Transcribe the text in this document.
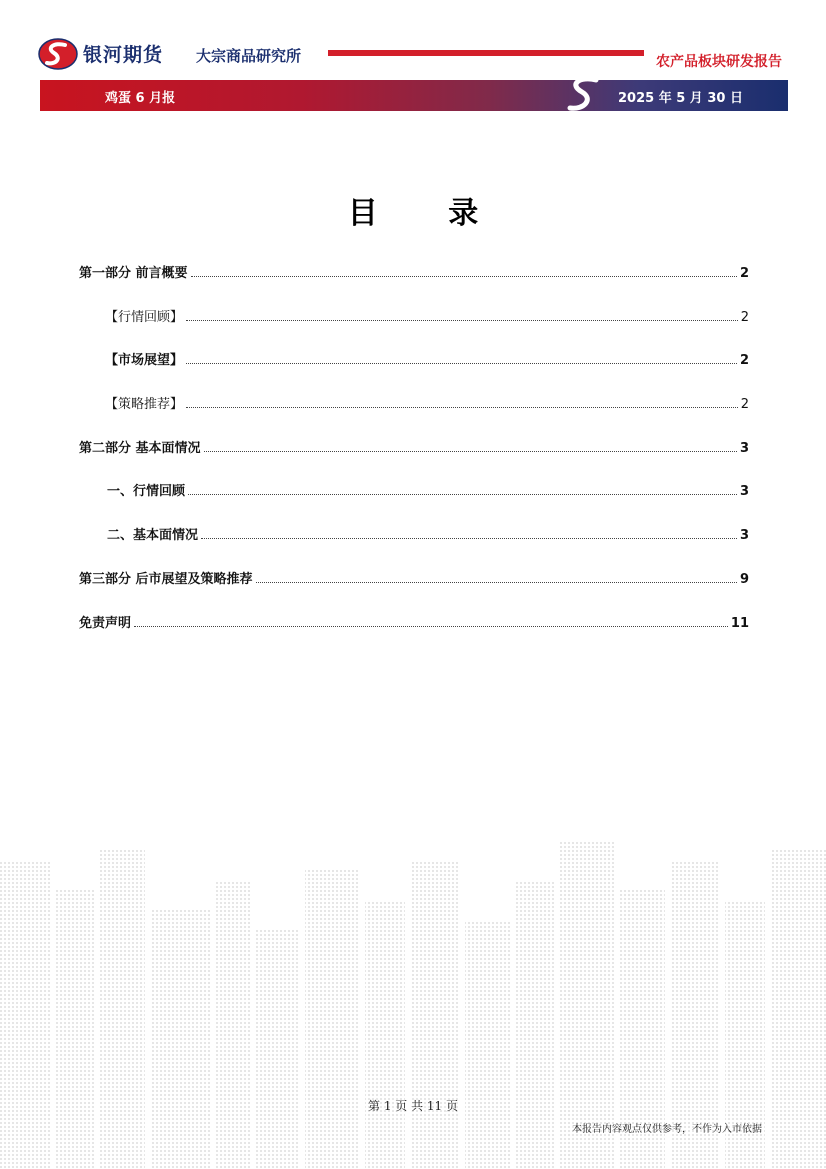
银河期货 大宗商品研究所	农产品板块研发报告
鸡蛋 6 月报	2025 年 5 月 30 日
目 录
第一部分 前言概要	2
【行情回顾】	2
【市场展望】	2
【策略推荐】	2
第二部分 基本面情况	3
一、行情回顾	3
二、基本面情况	3
第三部分 后市展望及策略推荐	9
免责声明	11
第 1 页 共 11 页
本报告内容观点仅供参考，不作为入市依据
